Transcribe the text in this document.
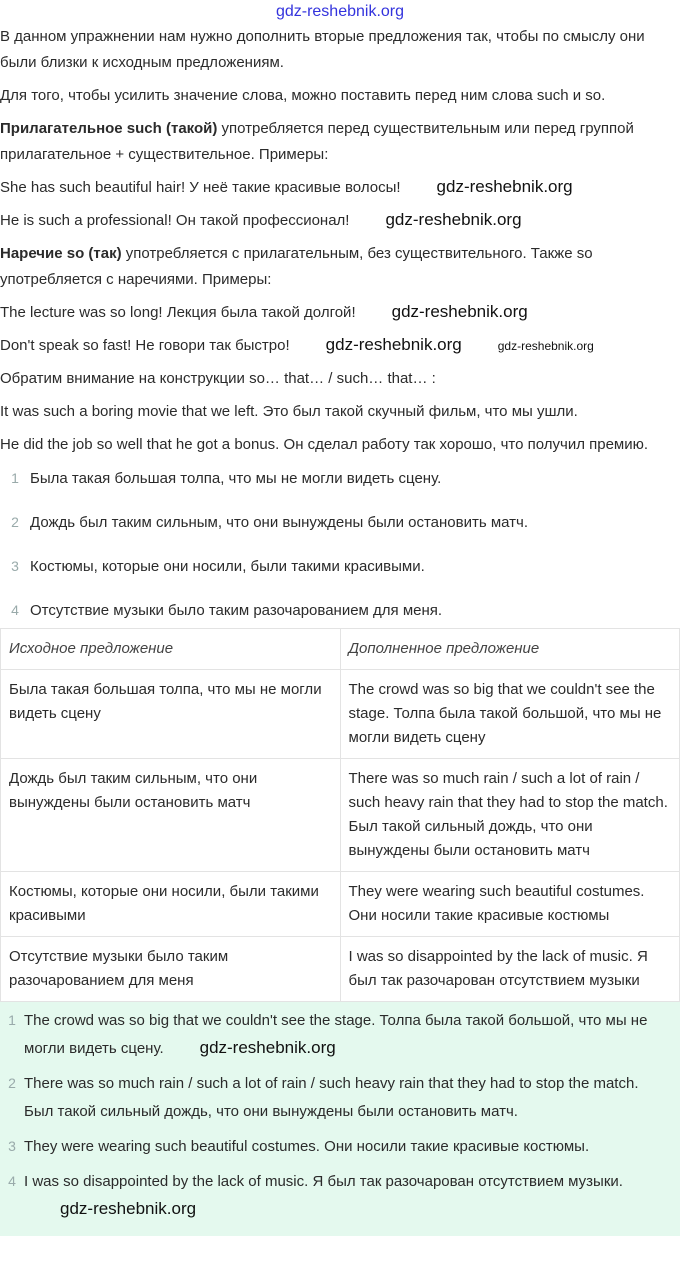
gdz-reshebnik.org
В данном упражнении нам нужно дополнить вторые предложения так, чтобы по смыслу они были близки к исходным предложениям.
Для того, чтобы усилить значение слова, можно поставить перед ним слова such и so.
Прилагательное such (такой) употребляется перед существительным или перед группой прилагательное + существительное. Примеры:
She has such beautiful hair! У неё такие красивые волосы! gdz-reshebnik.org
He is such a professional! Он такой профессионал! gdz-reshebnik.org
Наречие so (так) употребляется с прилагательным, без существительного. Также so употребляется с наречиями. Примеры:
The lecture was so long! Лекция была такой долгой! gdz-reshebnik.org
Don't speak so fast! Не говори так быстро! gdz-reshebnik.org	gdz-reshebnik.org
Обратим внимание на конструкции so… that… / such… that… :
It was such a boring movie that we left. Это был такой скучный фильм, что мы ушли.
He did the job so well that he got a bonus. Он сделал работу так хорошо, что получил премию.
1 Была такая большая толпа, что мы не могли видеть сцену.
2 Дождь был таким сильным, что они вынуждены были остановить матч.
3 Костюмы, которые они носили, были такими красивыми.
4 Отсутствие музыки было таким разочарованием для меня.
Исходное предложение	Дополненное предложение
Была такая большая толпа, что мы не могли видеть сцену	The crowd was so big that we couldn't see the stage. Толпа была такой большой, что мы не могли видеть сцену
Дождь был таким сильным, что они вынуждены были остановить матч	There was so much rain / such a lot of rain / such heavy rain that they had to stop the match. Был такой сильный дождь, что они вынуждены были остановить матч
Костюмы, которые они носили, были такими красивыми	They were wearing such beautiful costumes. Они носили такие красивые костюмы
Отсутствие музыки было таким разочарованием для меня	I was so disappointed by the lack of music. Я был так разочарован отсутствием музыки
1 The crowd was so big that we couldn't see the stage. Толпа была такой большой, что мы не могли видеть сцену. gdz-reshebnik.org
2 There was so much rain / such a lot of rain / such heavy rain that they had to stop the match. Был такой сильный дождь, что они вынуждены были остановить матч.
3 They were wearing such beautiful costumes. Они носили такие красивые костюмы.
4 I was so disappointed by the lack of music. Я был так разочарован отсутствием музыки.gdz-reshebnik.org
